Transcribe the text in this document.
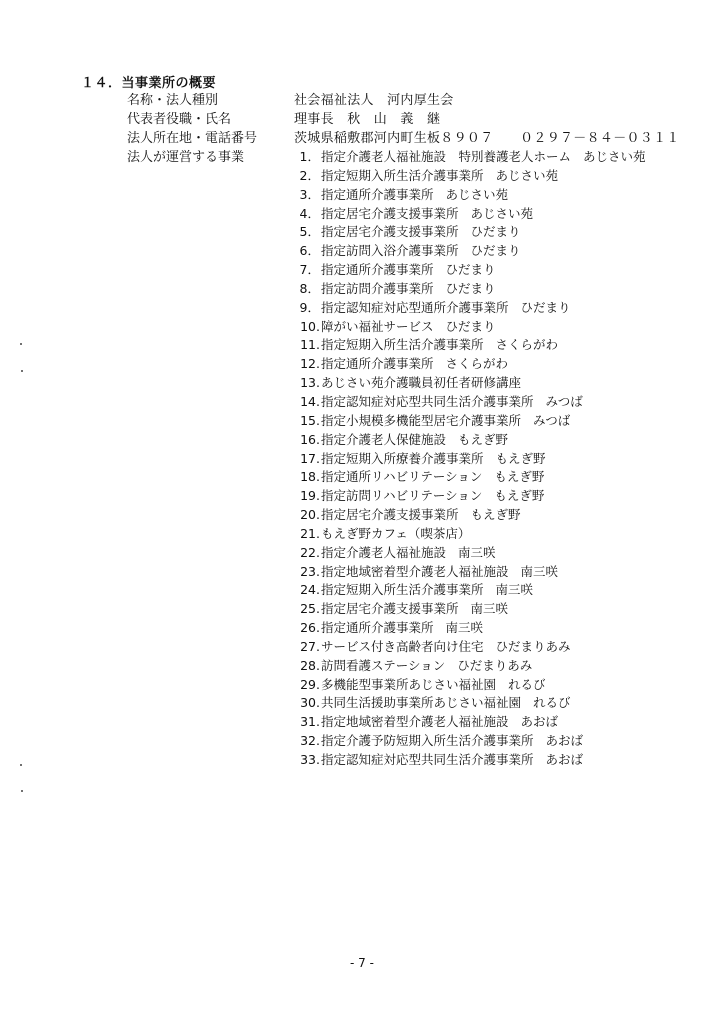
１４．当事業所の概要
名称・法人種別	社会福祉法人　河内厚生会
代表者役職・氏名	理事長　秋　山　義　継
法人所在地・電話番号	茨城県稲敷郡河内町生板８９０７　　０２９７－８４－０３１１
法人が運営する事業	1．指定介護老人福祉施設　特別養護老人ホーム あじさい苑
2．指定短期入所生活介護事業所 あじさい苑
3．指定通所介護事業所 あじさい苑
4．指定居宅介護支援事業所 あじさい苑
5．指定居宅介護支援事業所 ひだまり
6．指定訪問入浴介護事業所 ひだまり
7．指定通所介護事業所 ひだまり
8．指定訪問介護事業所 ひだまり
9．指定認知症対応型通所介護事業所 ひだまり
10.障がい福祉サービス ひだまり
11.指定短期入所生活介護事業所 さくらがわ
12.指定通所介護事業所 さくらがわ
13.あじさい苑介護職員初任者研修講座
14.指定認知症対応型共同生活介護事業所 みつば
15.指定小規模多機能型居宅介護事業所 みつば
16.指定介護老人保健施設 もえぎ野
17.指定短期入所療養介護事業所 もえぎ野
18.指定通所リハビリテーション もえぎ野
19.指定訪問リハビリテーション もえぎ野
20.指定居宅介護支援事業所 もえぎ野
21.もえぎ野カフェ（喫茶店）
22.指定介護老人福祉施設 南三咲
23.指定地域密着型介護老人福祉施設 南三咲
24.指定短期入所生活介護事業所 南三咲
25.指定居宅介護支援事業所 南三咲
26.指定通所介護事業所 南三咲
27.サービス付き高齢者向け住宅 ひだまりあみ
28.訪問看護ステーション ひだまりあみ
29.多機能型事業所あじさい福祉園 れるび
30.共同生活援助事業所あじさい福祉園 れるび
31.指定地域密着型介護老人福祉施設 あおば
32.指定介護予防短期入所生活介護事業所 あおば
33.指定認知症対応型共同生活介護事業所 あおば
- 7 -
